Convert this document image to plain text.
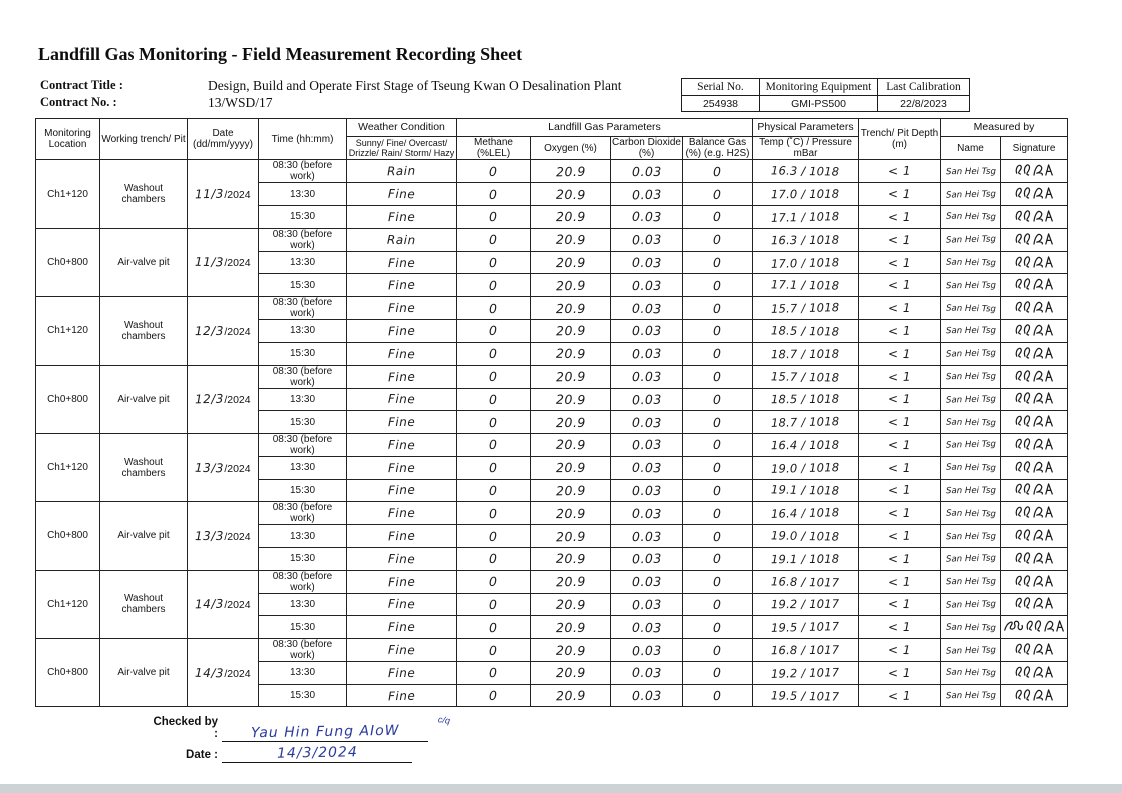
Landfill Gas Monitoring - Field Measurement Recording Sheet
Contract Title :	Design, Build and Operate First Stage of Tseung Kwan O Desalination Plant
Contract No. :	13/WSD/17
Serial No.	Monitoring Equipment	Last Calibration
254938	GMI-PS500	22/8/2023
Monitoring Location	Working trench/ Pit	Date (dd/mm/yyyy)	Time (hh:mm)	Weather Condition	Landfill Gas Parameters				Physical Parameters	Trench/ Pit Depth (m)	Measured by	
				Sunny/ Fine/ Overcast/ Drizzle/ Rain/ Storm/ Hazy	Methane (%LEL)	Oxygen (%)	Carbon Dioxide (%)	Balance Gas (%) (e.g. H2S)	Temp (˚C) / Pressure mBar		Name	Signature
Ch1+120	Washout chambers	11/3/2024	08:30 (before work)	Rain	0	20.9	0.03	0	16.3 / 1018	< 1	San Hei Tsg	
			13:30	Fine	0	20.9	0.03	0	17.0 / 1018	< 1	San Hei Tsg	
			15:30	Fine	0	20.9	0.03	0	17.1 / 1018	< 1	San Hei Tsg	
Ch0+800	Air-valve pit	11/3/2024	08:30 (before work)	Rain	0	20.9	0.03	0	16.3 / 1018	< 1	San Hei Tsg	
			13:30	Fine	0	20.9	0.03	0	17.0 / 1018	< 1	San Hei Tsg	
			15:30	Fine	0	20.9	0.03	0	17.1 / 1018	< 1	San Hei Tsg	
Ch1+120	Washout chambers	12/3/2024	08:30 (before work)	Fine	0	20.9	0.03	0	15.7 / 1018	< 1	San Hei Tsg	
			13:30	Fine	0	20.9	0.03	0	18.5 / 1018	< 1	San Hei Tsg	
			15:30	Fine	0	20.9	0.03	0	18.7 / 1018	< 1	San Hei Tsg	
Ch0+800	Air-valve pit	12/3/2024	08:30 (before work)	Fine	0	20.9	0.03	0	15.7 / 1018	< 1	San Hei Tsg	
			13:30	Fine	0	20.9	0.03	0	18.5 / 1018	< 1	San Hei Tsg	
			15:30	Fine	0	20.9	0.03	0	18.7 / 1018	< 1	San Hei Tsg	
Ch1+120	Washout chambers	13/3/2024	08:30 (before work)	Fine	0	20.9	0.03	0	16.4 / 1018	< 1	San Hei Tsg	
			13:30	Fine	0	20.9	0.03	0	19.0 / 1018	< 1	San Hei Tsg	
			15:30	Fine	0	20.9	0.03	0	19.1 / 1018	< 1	San Hei Tsg	
Ch0+800	Air-valve pit	13/3/2024	08:30 (before work)	Fine	0	20.9	0.03	0	16.4 / 1018	< 1	San Hei Tsg	
			13:30	Fine	0	20.9	0.03	0	19.0 / 1018	< 1	San Hei Tsg	
			15:30	Fine	0	20.9	0.03	0	19.1 / 1018	< 1	San Hei Tsg	
Ch1+120	Washout chambers	14/3/2024	08:30 (before work)	Fine	0	20.9	0.03	0	16.8 / 1017	< 1	San Hei Tsg	
			13:30	Fine	0	20.9	0.03	0	19.2 / 1017	< 1	San Hei Tsg	
			15:30	Fine	0	20.9	0.03	0	19.5 / 1017	< 1	San Hei Tsg	
Ch0+800	Air-valve pit	14/3/2024	08:30 (before work)	Fine	0	20.9	0.03	0	16.8 / 1017	< 1	San Hei Tsg	
			13:30	Fine	0	20.9	0.03	0	19.2 / 1017	< 1	San Hei Tsg	
			15:30	Fine	0	20.9	0.03	0	19.5 / 1017	< 1	San Hei Tsg	
Checked by :	Yau Hin Fung AIoW
c/q
Date :	14/3/2024
